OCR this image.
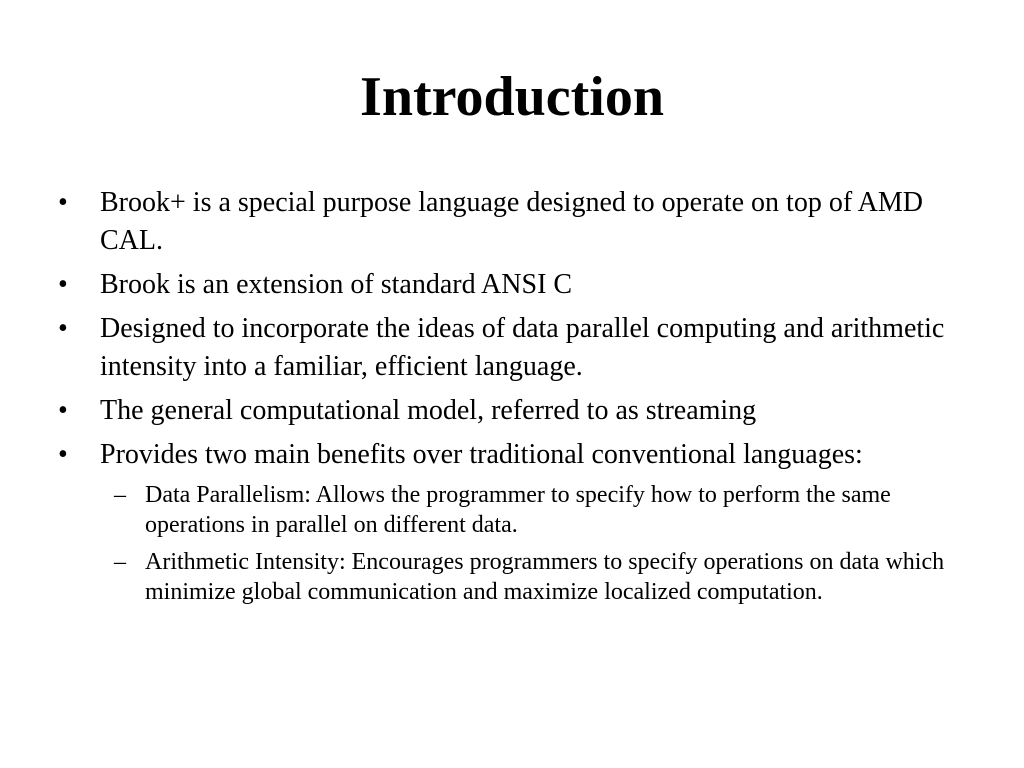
Introduction
•	Brook+ is a special purpose language designed to operate on top of AMD CAL.
•	Brook is an extension of standard ANSI C
•	Designed to incorporate the ideas of data parallel computing and arithmetic intensity into a familiar, efficient language.
•	The general computational model, referred to as streaming
•	Provides two main benefits over traditional conventional languages:
– Data Parallelism: Allows the programmer to specify how to perform the same operations in parallel on different data.
– Arithmetic Intensity: Encourages programmers to specify operations on data which minimize global communication and maximize localized computation.
